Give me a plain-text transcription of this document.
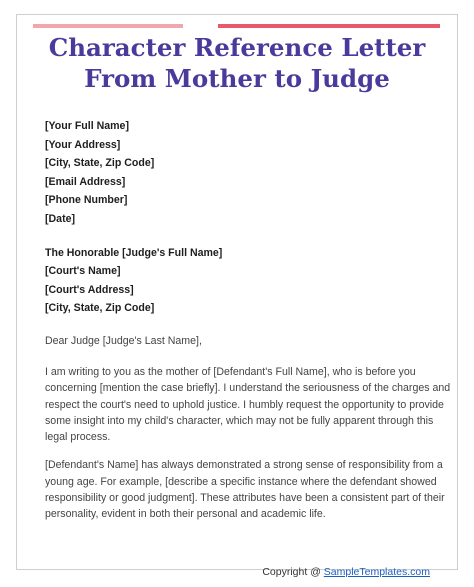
Character Reference Letter
From Mother to Judge
[Your Full Name]
[Your Address]
[City, State, Zip Code]
[Email Address]
[Phone Number]
[Date]
The Honorable [Judge's Full Name]
[Court's Name]
[Court's Address]
[City, State, Zip Code]
Dear Judge [Judge's Last Name],

I am writing to you as the mother of [Defendant's Full Name], who is before you
concerning [mention the case briefly]. I understand the seriousness of the charges and
respect the court's need to uphold justice. I humbly request the opportunity to provide
some insight into my child's character, which may not be fully apparent through this
legal process.

[Defendant's Name] has always demonstrated a strong sense of responsibility from a
young age. For example, [describe a specific instance where the defendant showed
responsibility or good judgment]. These attributes have been a consistent part of their
personality, evident in both their personal and academic life.

Copyright @ SampleTemplates.com
